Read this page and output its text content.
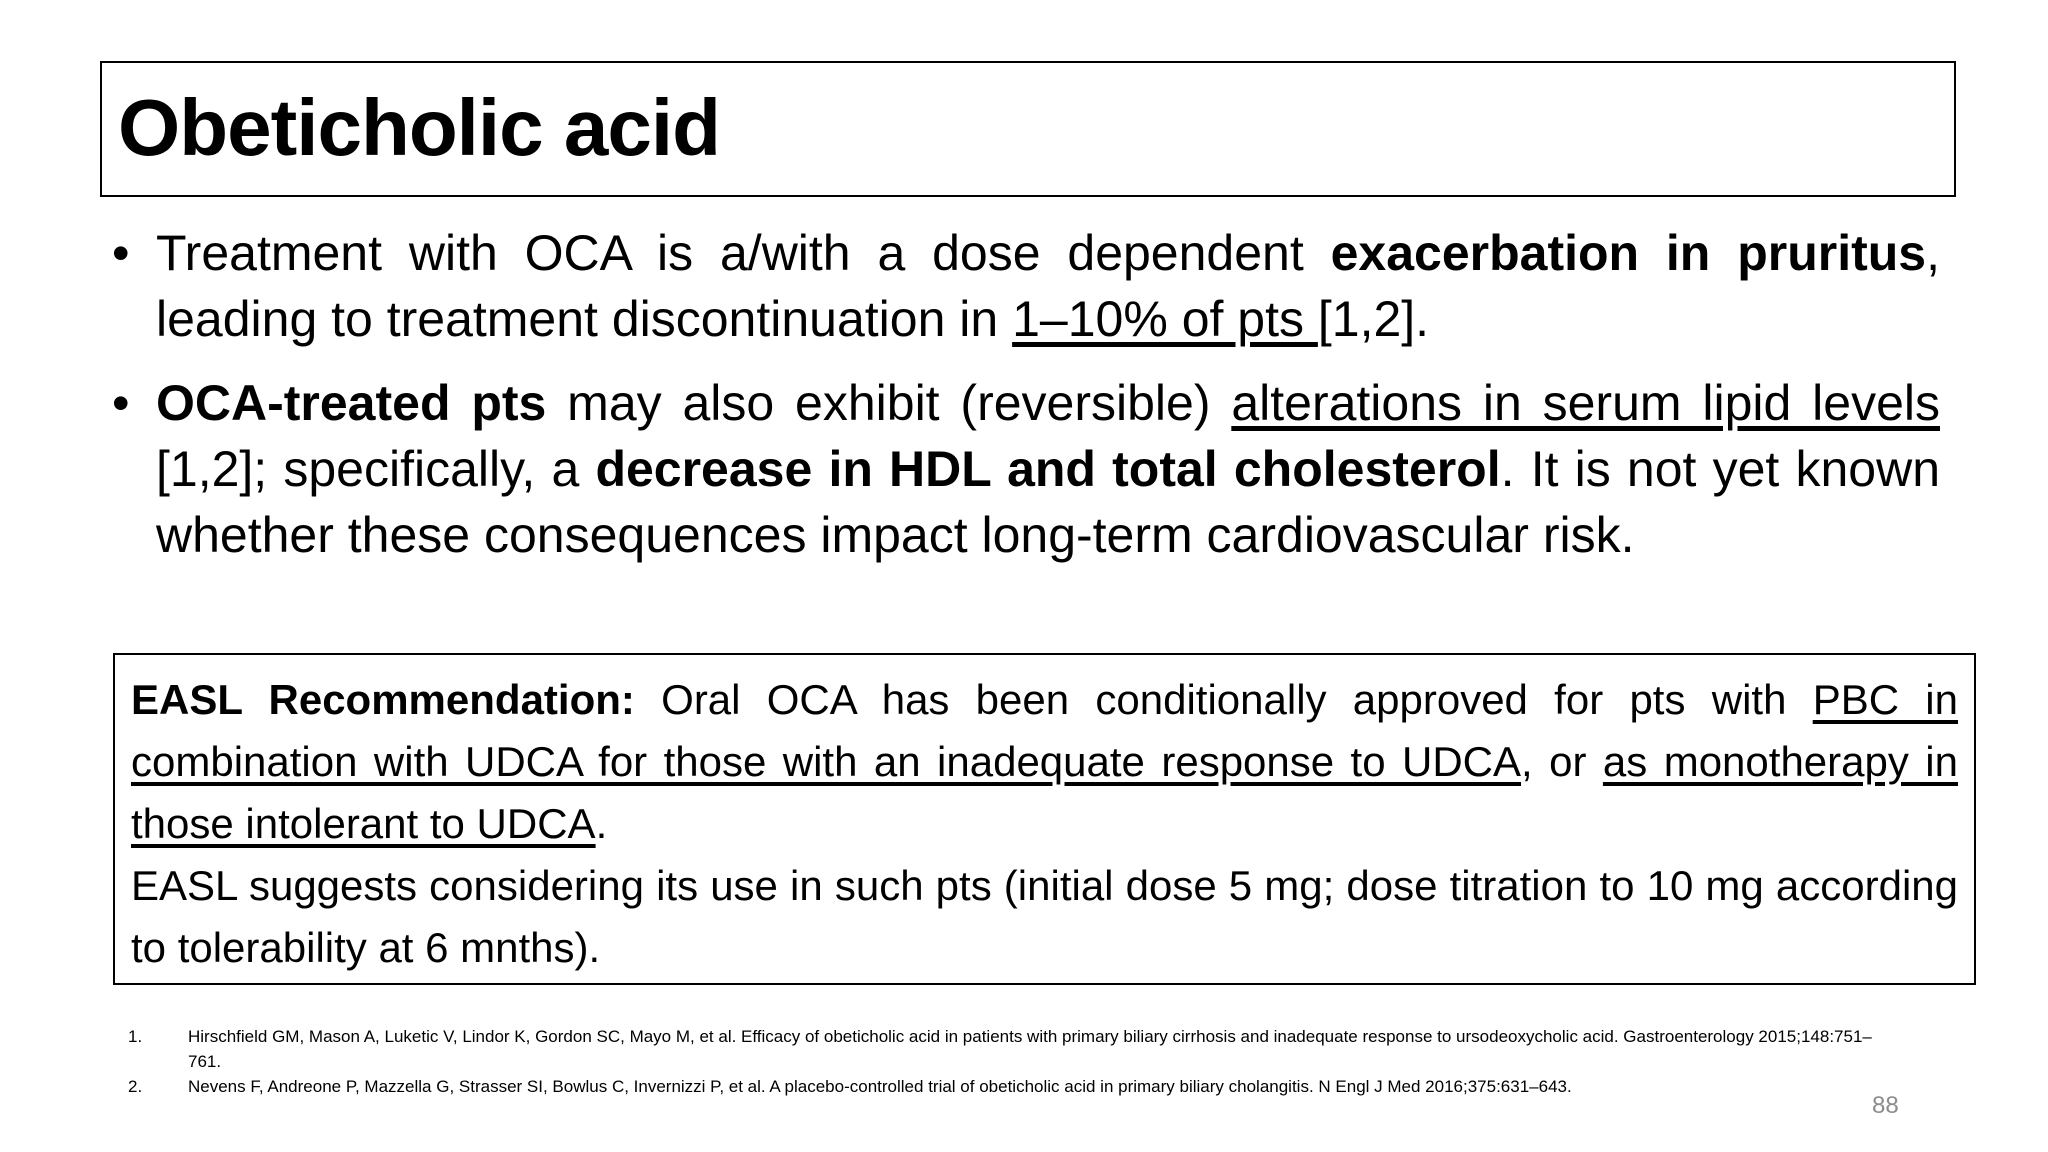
Obeticholic acid
• Treatment with OCA is a/with a dose dependent exacerbation in pruritus, leading to treatment discontinuation in 1–10% of pts [1,2].
• OCA-treated pts may also exhibit (reversible) alterations in serum lipid levels [1,2]; specifically, a decrease in HDL and total cholesterol. It is not yet known whether these consequences impact long-term cardiovascular risk.

EASL Recommendation: Oral OCA has been conditionally approved for pts with PBC in combination with UDCA for those with an inadequate response to UDCA, or as monotherapy in those intolerant to UDCA.

EASL suggests considering its use in such pts (initial dose 5 mg; dose titration to 10 mg according to tolerability at 6 mnths).

1.	Hirschfield GM, Mason A, Luketic V, Lindor K, Gordon SC, Mayo M, et al. Efficacy of obeticholic acid in patients with primary biliary cirrhosis and inadequate response to ursodeoxycholic acid. Gastroenterology 2015;148:751–761.
2.	Nevens F, Andreone P, Mazzella G, Strasser SI, Bowlus C, Invernizzi P, et al. A placebo-controlled trial of obeticholic acid in primary biliary cholangitis. N Engl J Med 2016;375:631–643.
88
